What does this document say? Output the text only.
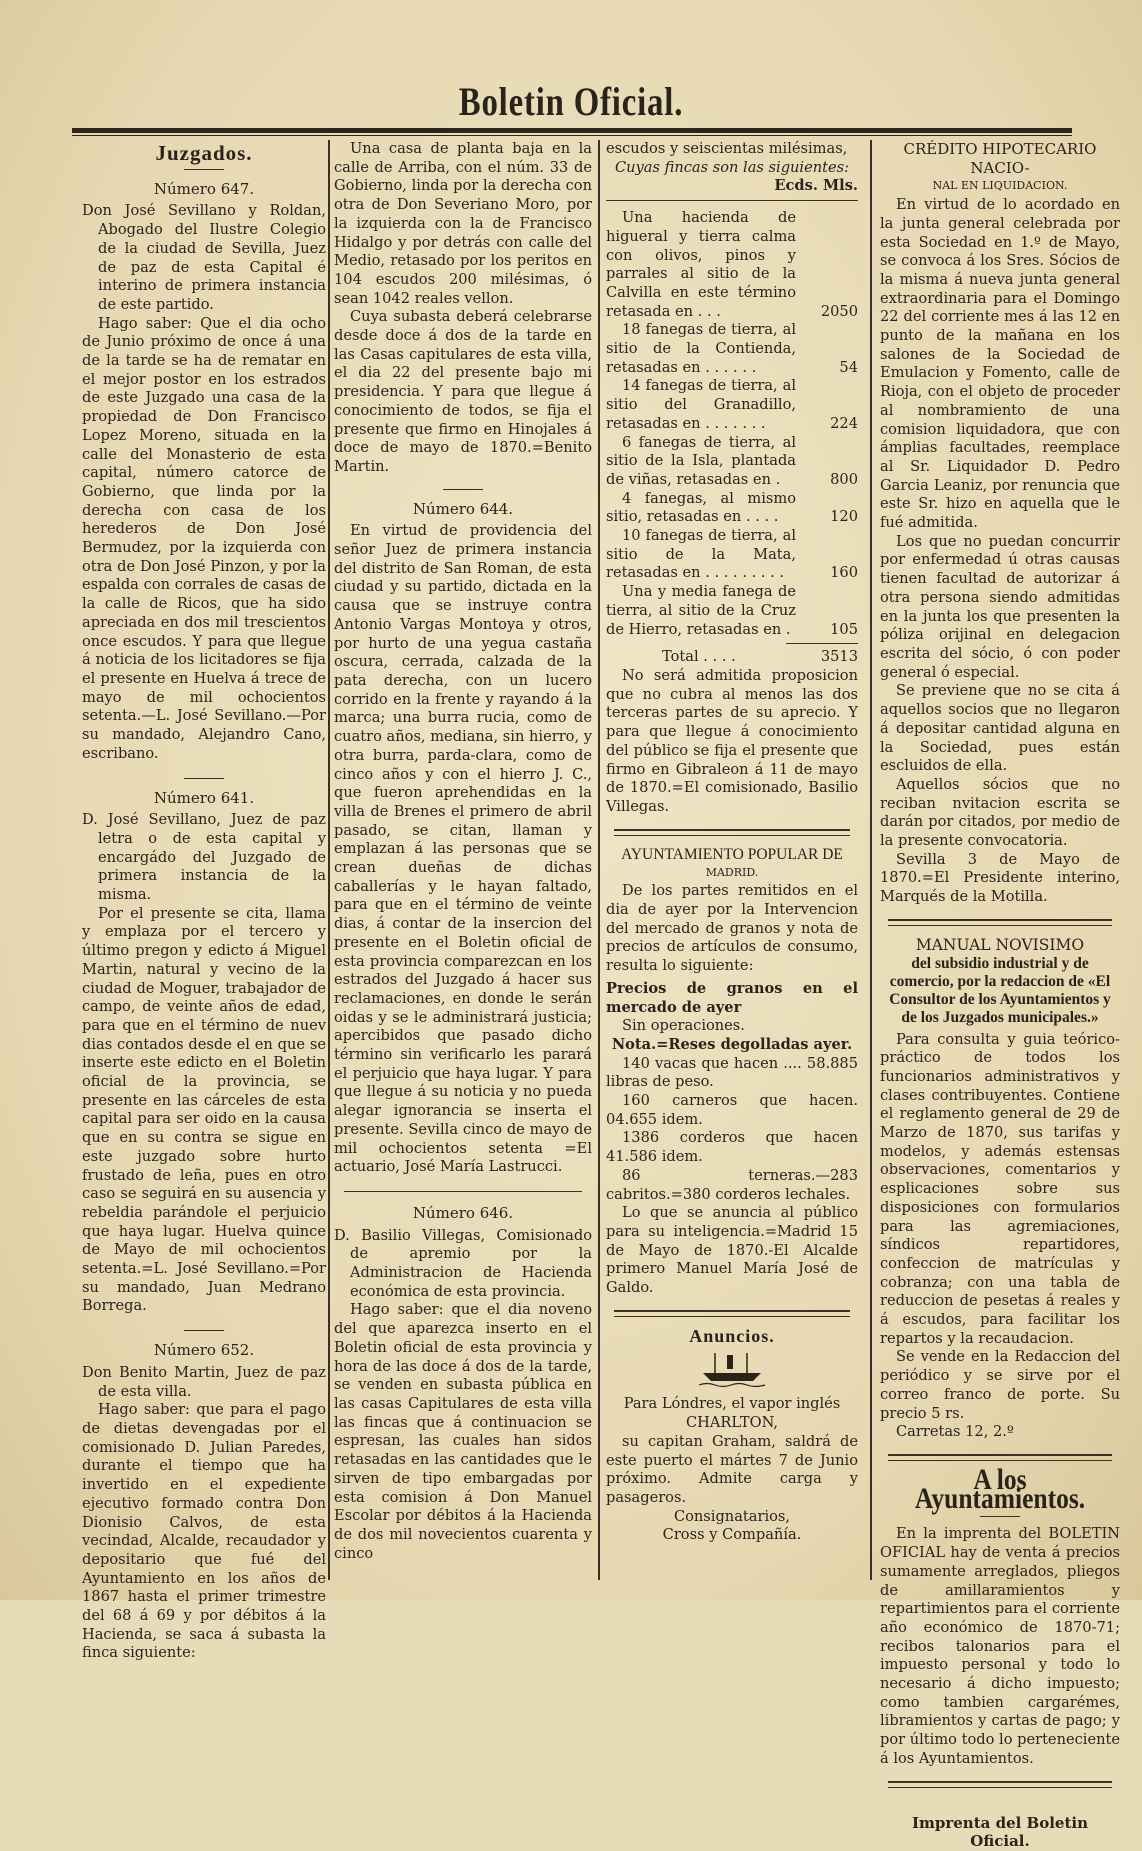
Boletin Oficial.
Juzgados.
Número 647.

Don José Sevillano y Roldan, Abogado del Ilustre Colegio de la ciudad de Sevilla, Juez de paz de esta Capital é interino de primera instancia de este partido.

Hago saber: Que el dia ocho de Junio próximo de once á una de la tarde se ha de rematar en el mejor postor en los estrados de este Juzgado una casa de la propiedad de Don Francisco Lopez Moreno, situada en la calle del Monasterio de esta capital, número catorce de Gobierno, que linda por la derecha con casa de los herederos de Don José Bermudez, por la izquierda con otra de Don José Pinzon, y por la espalda con corrales de casas de la calle de Ricos, que ha sido apreciada en dos mil trescientos once escudos. Y para que llegue á noticia de los licitadores se fija el presente en Huelva á trece de mayo de mil ochocientos setenta.—L. José Sevillano.—Por su mandado, Alejandro Cano, escribano.

Número 641.

D. José Sevillano, Juez de paz letra o de esta capital y encargádo del Juzgado de primera instancia de la misma.

Por el presente se cita, llama y emplaza por el tercero y último pregon y edicto á Miguel Martin, natural y vecino de la ciudad de Moguer, trabajador de campo, de veinte años de edad, para que en el término de nuev dias contados desde el en que se inserte este edicto en el Boletin oficial de la provincia, se presente en las cárceles de esta capital para ser oido en la causa que en su contra se sigue en este juzgado sobre hurto frustado de leña, pues en otro caso se seguirá en su ausencia y rebeldia parándole el perjuicio que haya lugar. Huelva quince de Mayo de mil ochocientos setenta.=L. José Sevillano.=Por su mandado, Juan Medrano Borrega.

Número 652.

Don Benito Martin, Juez de paz de esta villa.

Hago saber: que para el pago de dietas devengadas por el comisionado D. Julian Paredes, durante el tiempo que ha invertido en el expediente ejecutivo formado contra Don Dionisio Calvos, de esta vecindad, Alcalde, recaudador y depositario que fué del Ayuntamiento en los años de 1867 hasta el primer trimestre del 68 á 69 y por débitos á la Hacienda, se saca á subasta la finca siguiente:

Una casa de planta baja en la calle de Arriba, con el núm. 33 de Gobierno, linda por la derecha con otra de Don Severiano Moro, por la izquierda con la de Francisco Hidalgo y por detrás con calle del Medio, retasado por los peritos en 104 escudos 200 milésimas, ó sean 1042 reales vellon.

Cuya subasta deberá celebrarse desde doce á dos de la tarde en las Casas capitulares de esta villa, el dia 22 del presente bajo mi presidencia. Y para que llegue á conocimiento de todos, se fija el presente que firmo en Hinojales á doce de mayo de 1870.=Benito Martin.

Número 644.

En virtud de providencia del señor Juez de primera instancia del distrito de San Roman, de esta ciudad y su partido, dictada en la causa que se instruye contra Antonio Vargas Montoya y otros, por hurto de una yegua castaña oscura, cerrada, calzada de la pata derecha, con un lucero corrido en la frente y rayando á la marca; una burra rucia, como de cuatro años, mediana, sin hierro, y otra burra, parda-clara, como de cinco años y con el hierro J. C., que fueron aprehendidas en la villa de Brenes el primero de abril pasado, se citan, llaman y emplazan á las personas que se crean dueñas de dichas caballerías y le hayan faltado, para que en el término de veinte dias, á contar de la insercion del presente en el Boletin oficial de esta provincia comparezcan en los estrados del Juzgado á hacer sus reclamaciones, en donde le serán oidas y se le administrará justicia; apercibidos que pasado dicho término sin verificarlo les parará el perjuicio que haya lugar. Y para que llegue á su noticia y no pueda alegar ignorancia se inserta el presente. Sevilla cinco de mayo de mil ochocientos setenta =El actuario, José María Lastrucci.

Número 646.

D. Basilio Villegas, Comisionado de apremio por la Administracion de Hacienda económica de esta provincia.

Hago saber: que el dia noveno del que aparezca inserto en el Boletin oficial de esta provincia y hora de las doce á dos de la tarde, se venden en subasta pública en las casas Capitulares de esta villa las fincas que á continuacion se espresan, las cuales han sidos retasadas en las cantidades que le sirven de tipo embargadas por esta comision á Don Manuel Escolar por débitos á la Hacienda de dos mil novecientos cuarenta y cinco

escudos y seiscientas milésimas,

Cuyas fincas son las siguientes:

Ecds. Mls.

Una hacienda de higueral y tierra calma con olivos, pinos y parrales al sitio de la Calvilla en este término retasada en . . .	2050
18 fanegas de tierra, al sitio de la Contienda, retasadas en . . . . . .	54
14 fanegas de tierra, al sitio del Granadillo, retasadas en . . . . . . .	224
6 fanegas de tierra, al sitio de la Isla, plantada de viñas, retasadas en .	800
4 fanegas, al mismo sitio, retasadas en . . . .	120
10 fanegas de tierra, al sitio de la Mata, retasadas en . . . . . . . . .	160
Una y media fanega de tierra, al sitio de la Cruz de Hierro, retasadas en .	105
Total . . . .	3513

No será admitida proposicion que no cubra al menos las dos terceras partes de su aprecio. Y para que llegue á conocimiento del público se fija el presente que firmo en Gibraleon á 11 de mayo de 1870.=El comisionado, Basilio Villegas.

AYUNTAMIENTO POPULAR DE
MADRID.

De los partes remitidos en el dia de ayer por la Intervencion del mercado de granos y nota de precios de artículos de consumo, resulta lo siguiente:

Precios de granos en el mercado de ayer

Sin operaciones.

Nota.=Reses degolladas ayer.

140 vacas que hacen .... 58.885 libras de peso.

160 carneros que hacen. 04.655 idem.

1386 corderos que hacen 41.586 idem.

86 terneras.—283 cabritos.=380 corderos lechales.

Lo que se anuncia al público para su inteligencia.=Madrid 15 de Mayo de 1870.-El Alcalde primero Manuel María José de Galdo.

Anuncios.

Para Lóndres, el vapor inglés

CHARLTON,

su capitan Graham, saldrá de este puerto el mártes 7 de Junio próximo. Admite carga y pasageros.

Consignatarios,

Cross y Compañía.

CRÉDITO HIPOTECARIO NACIO-
NAL EN LIQUIDACION.

En virtud de lo acordado en la junta general celebrada por esta Sociedad en 1.º de Mayo, se convoca á los Sres. Sócios de la misma á nueva junta general extraordinaria para el Domingo 22 del corriente mes á las 12 en punto de la mañana en los salones de la Sociedad de Emulacion y Fomento, calle de Rioja, con el objeto de proceder al nombramiento de una comision liquidadora, que con ámplias facultades, reemplace al Sr. Liquidador D. Pedro Garcia Leaniz, por renuncia que este Sr. hizo en aquella que le fué admitida.

Los que no puedan concurrir por enfermedad ú otras causas tienen facultad de autorizar á otra persona siendo admitidas en la junta los que presenten la póliza orijinal en delegacion escrita del sócio, ó con poder general ó especial.

Se previene que no se cita á aquellos socios que no llegaron á depositar cantidad alguna en la Sociedad, pues están escluidos de ella.

Aquellos sócios que no reciban nvitacion escrita se darán por citados, por medio de la presente convocatoria.

Sevilla 3 de Mayo de 1870.=El Presidente interino, Marqués de la Motilla.

MANUAL NOVISIMO
del subsidio industrial y de comercio, por la redaccion de «El Consultor de los Ayuntamientos y de los Juzgados municipales.»

Para consulta y guia teórico-práctico de todos los funcionarios administrativos y clases contribuyentes. Contiene el reglamento general de 29 de Marzo de 1870, sus tarifas y modelos, y además estensas observaciones, comentarios y esplicaciones sobre sus disposiciones con formularios para las agremiaciones, síndicos repartidores, confeccion de matrículas y cobranza; con una tabla de reduccion de pesetas á reales y á escudos, para facilitar los repartos y la recaudacion.

Se vende en la Redaccion del periódico y se sirve por el correo franco de porte. Su precio 5 rs.

Carretas 12, 2.º

A los Ayuntamientos.

En la imprenta del BOLETIN OFICIAL hay de venta á precios sumamente arreglados, pliegos de amillaramientos y repartimientos para el corriente año económico de 1870-71; recibos talonarios para el impuesto personal y todo lo necesario á dicho impuesto; como tambien cargarémes, libramientos y cartas de pago; y por último todo lo perteneciente á los Ayuntamientos.

Imprenta del Boletin Oficial.
